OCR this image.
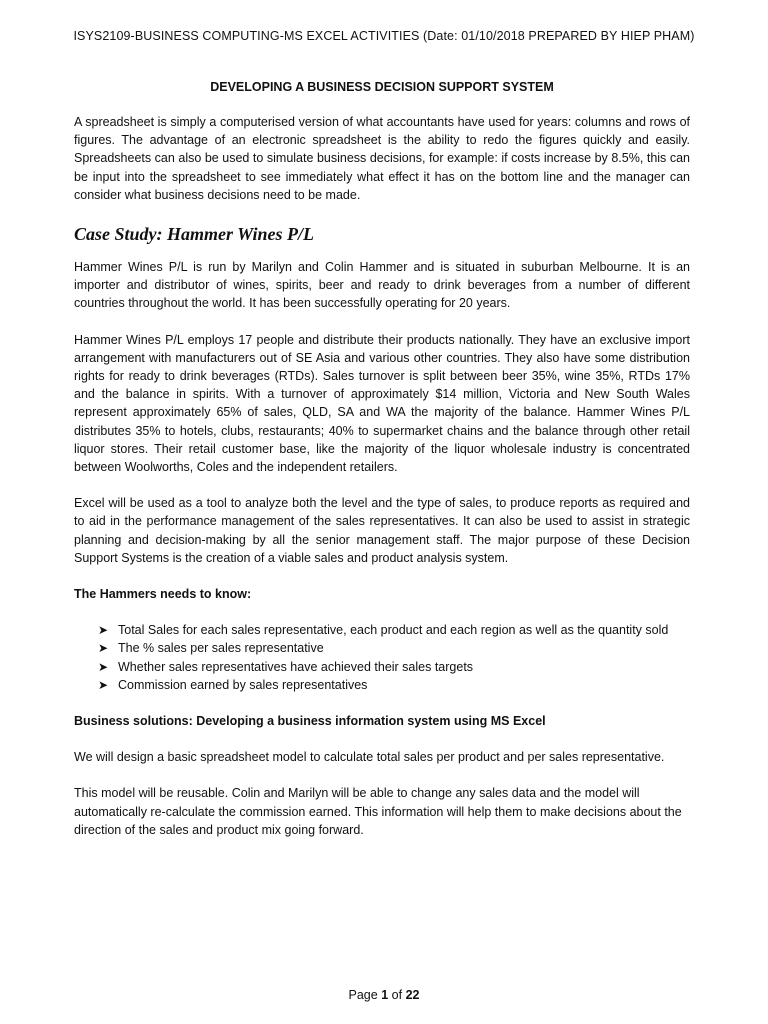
ISYS2109-BUSINESS COMPUTING-MS EXCEL ACTIVITIES (Date: 01/10/2018 PREPARED BY HIEP PHAM)
DEVELOPING A BUSINESS DECISION SUPPORT SYSTEM

A spreadsheet is simply a computerised version of what accountants have used for years: columns and rows of figures. The advantage of an electronic spreadsheet is the ability to redo the figures quickly and easily. Spreadsheets can also be used to simulate business decisions, for example: if costs increase by 8.5%, this can be input into the spreadsheet to see immediately what effect it has on the bottom line and the manager can consider what business decisions need to be made.

Case Study: Hammer Wines P/L

Hammer Wines P/L is run by Marilyn and Colin Hammer and is situated in suburban Melbourne. It is an importer and distributor of wines, spirits, beer and ready to drink beverages from a number of different countries throughout the world. It has been successfully operating for 20 years.

Hammer Wines P/L employs 17 people and distribute their products nationally. They have an exclusive import arrangement with manufacturers out of SE Asia and various other countries. They also have some distribution rights for ready to drink beverages (RTDs). Sales turnover is split between beer 35%, wine 35%, RTDs 17% and the balance in spirits. With a turnover of approximately $14 million, Victoria and New South Wales represent approximately 65% of sales, QLD, SA and WA the majority of the balance. Hammer Wines P/L distributes 35% to hotels, clubs, restaurants; 40% to supermarket chains and the balance through other retail liquor stores. Their retail customer base, like the majority of the liquor wholesale industry is concentrated between Woolworths, Coles and the independent retailers.

Excel will be used as a tool to analyze both the level and the type of sales, to produce reports as required and to aid in the performance management of the sales representatives. It can also be used to assist in strategic planning and decision-making by all the senior management staff. The major purpose of these Decision Support Systems is the creation of a viable sales and product analysis system.

The Hammers needs to know:

➤ Total Sales for each sales representative, each product and each region as well as the quantity sold
➤ The % sales per sales representative
➤ Whether sales representatives have achieved their sales targets
➤ Commission earned by sales representatives

Business solutions: Developing a business information system using MS Excel

We will design a basic spreadsheet model to calculate total sales per product and per sales representative.

This model will be reusable. Colin and Marilyn will be able to change any sales data and the model will automatically re-calculate the commission earned. This information will help them to make decisions about the direction of the sales and product mix going forward.

Page 1 of 22
